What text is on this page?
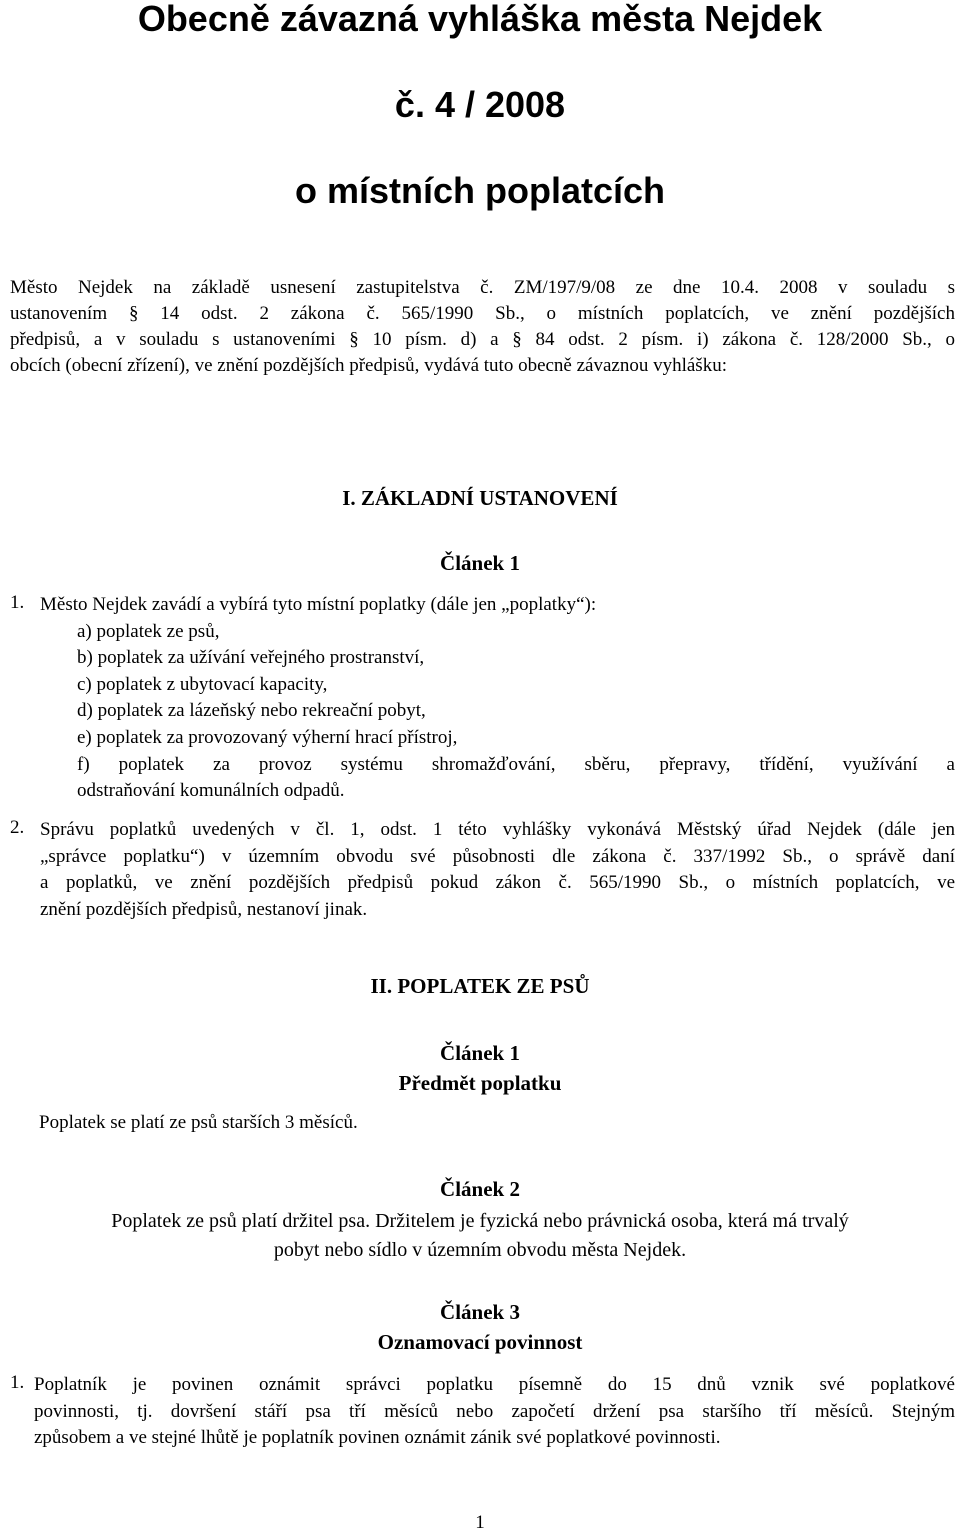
Obecně závazná vyhláška města Nejdek
č. 4 / 2008
o místních poplatcích
Město Nejdek na základě usnesení zastupitelstva č. ZM/197/9/08 ze dne 10.4. 2008 v souladu s
ustanovením § 14 odst. 2 zákona č. 565/1990 Sb., o místních poplatcích, ve znění pozdějších
předpisů, a v souladu s ustanoveními § 10 písm. d) a § 84 odst. 2 písm. i) zákona č. 128/2000 Sb., o
obcích (obecní zřízení), ve znění pozdějších předpisů, vydává tuto obecně závaznou vyhlášku:
I. ZÁKLADNÍ USTANOVENÍ
Článek 1
1. Město Nejdek zavádí a vybírá tyto místní poplatky (dále jen „poplatky“):
a) poplatek ze psů,
b) poplatek za užívání veřejného prostranství,
c) poplatek z ubytovací kapacity,
d) poplatek za lázeňský nebo rekreační pobyt,
e) poplatek za provozovaný výherní hrací přístroj,
f) poplatek za provoz systému shromažďování, sběru, přepravy, třídění, využívání a
odstraňování komunálních odpadů.
2. Správu poplatků uvedených v čl. 1, odst. 1 této vyhlášky vykonává Městský úřad Nejdek (dále jen
„správce poplatku“) v územním obvodu své působnosti dle zákona č. 337/1992 Sb., o správě daní
a poplatků, ve znění pozdějších předpisů pokud zákon č. 565/1990 Sb., o místních poplatcích, ve
znění pozdějších předpisů, nestanoví jinak.
II. POPLATEK ZE PSŮ
Článek 1
Předmět poplatku
Poplatek se platí ze psů starších 3 měsíců.
Článek 2
Poplatek ze psů platí držitel psa. Držitelem je fyzická nebo právnická osoba, která má trvalý
pobyt nebo sídlo v územním obvodu města Nejdek.
Článek 3
Oznamovací povinnost
1. Poplatník je povinen oznámit správci poplatku písemně do 15 dnů vznik své poplatkové
povinnosti, tj. dovršení stáří psa tří měsíců nebo započetí držení psa staršího tří měsíců. Stejným
způsobem a ve stejné lhůtě je poplatník povinen oznámit zánik své poplatkové povinnosti.
1
